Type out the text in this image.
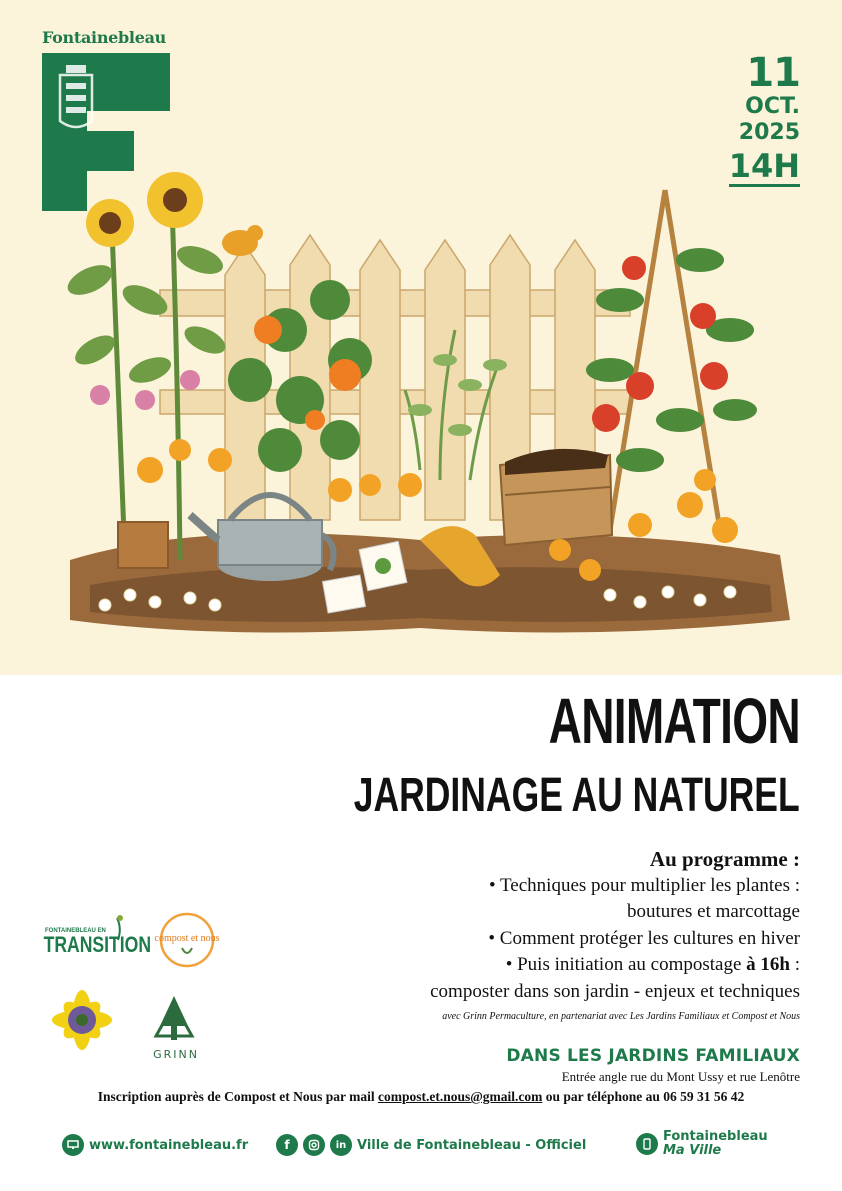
Fontainebleau
11
OCT.
2025
14H
ANIMATION
JARDINAGE AU NATUREL
Au programme :
• Techniques pour multiplier les plantes :
boutures et marcottage
• Comment protéger les cultures en hiver
• Puis initiation au compostage à 16h :
composter dans son jardin - enjeux et techniques
avec Grinn Permaculture, en partenariat avec Les Jardins Familiaux et Compost et Nous
FONTAINEBLEAU EN
TRANSITION compost et nous
GRINN	DANS LES JARDINS FAMILIAUX
Entrée angle rue du Mont Ussy et rue Lenôtre
Inscription auprès de Compost et Nous par mail compost.et.nous@gmail.com ou par téléphone au 06 59 31 56 42
www.fontainebleau.fr	f	in Ville de Fontainebleau - Officiel
Fontainebleau
Ma Ville
